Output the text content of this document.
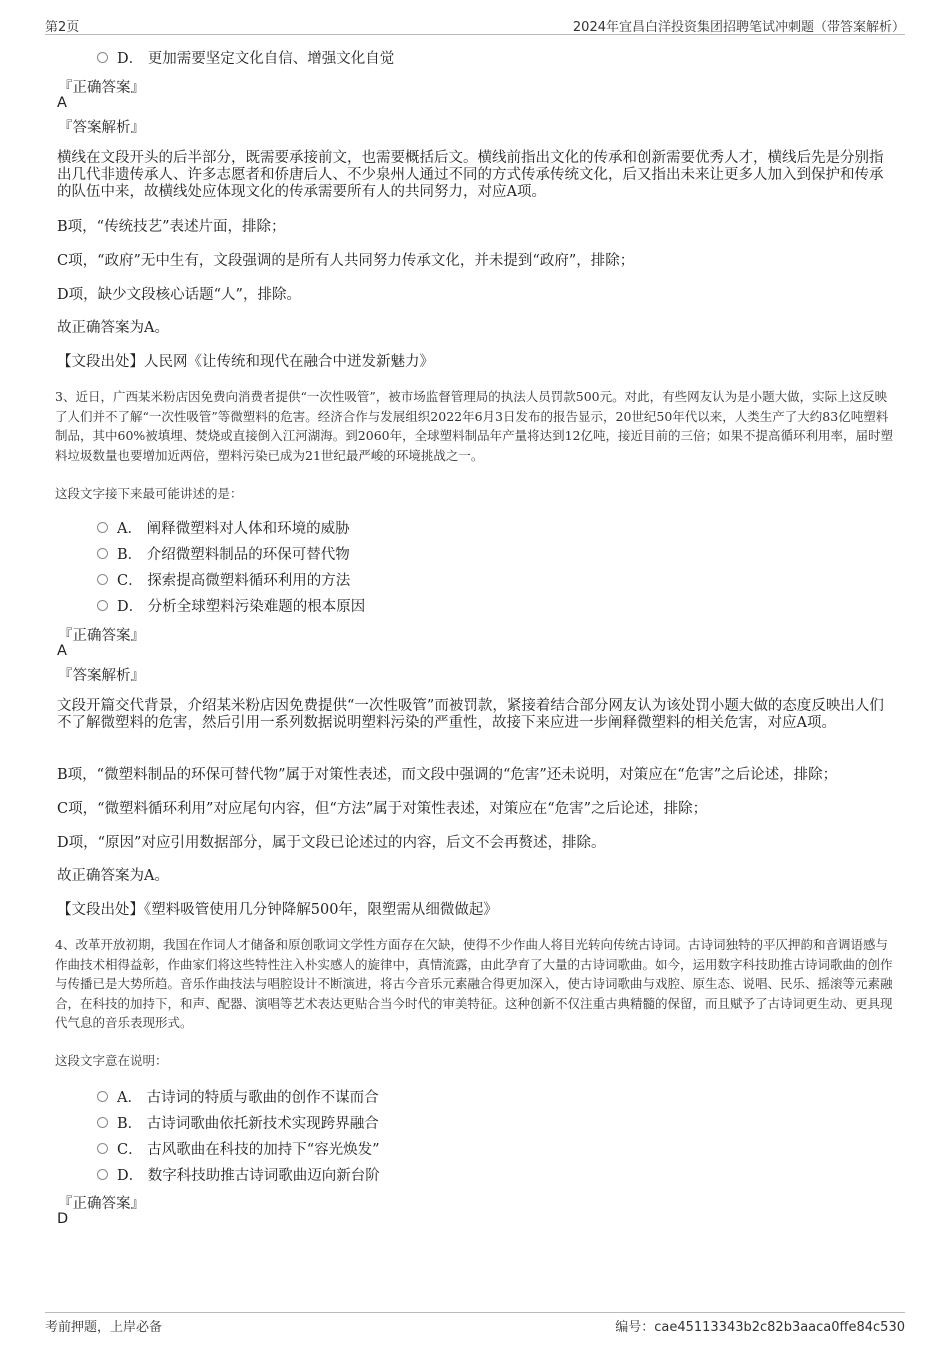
第2页	2024年宜昌白洋投资集团招聘笔试冲刺题（带答案解析）
D． 更加需要坚定文化自信、增强文化自觉
『正确答案』
A
『答案解析』
横线在文段开头的后半部分，既需要承接前文，也需要概括后文。横线前指出文化的传承和创新需要优秀人才，横线后先是分别指出几代非遗传承人、许多志愿者和侨唐后人、不少泉州人通过不同的方式传承传统文化，后又指出未来让更多人加入到保护和传承的队伍中来，故横线处应体现文化的传承需要所有人的共同努力，对应A项。
B项，“传统技艺”表述片面，排除；
C项，“政府”无中生有，文段强调的是所有人共同努力传承文化，并未提到“政府”，排除；
D项，缺少文段核心话题“人”，排除。
故正确答案为A。
【文段出处】人民网《让传统和现代在融合中迸发新魅力》
3、近日，广西某米粉店因免费向消费者提供“一次性吸管”，被市场监督管理局的执法人员罚款500元。对此，有些网友认为是小题大做，实际上这反映了人们并不了解“一次性吸管”等微塑料的危害。经济合作与发展组织2022年6月3日发布的报告显示，20世纪50年代以来，人类生产了大约83亿吨塑料制品，其中60%被填埋、焚烧或直接倒入江河湖海。到2060年，全球塑料制品年产量将达到12亿吨，接近目前的三倍；如果不提高循环利用率，届时塑料垃圾数量也要增加近两倍，塑料污染已成为21世纪最严峻的环境挑战之一。
这段文字接下来最可能讲述的是：
A． 阐释微塑料对人体和环境的威胁
B． 介绍微塑料制品的环保可替代物
C． 探索提高微塑料循环利用的方法
D． 分析全球塑料污染难题的根本原因
『正确答案』
A
『答案解析』
文段开篇交代背景，介绍某米粉店因免费提供“一次性吸管”而被罚款，紧接着结合部分网友认为该处罚小题大做的态度反映出人们不了解微塑料的危害，然后引用一系列数据说明塑料污染的严重性，故接下来应进一步阐释微塑料的相关危害，对应A项。
B项，“微塑料制品的环保可替代物”属于对策性表述，而文段中强调的“危害”还未说明，对策应在“危害”之后论述，排除；
C项，“微塑料循环利用”对应尾句内容，但“方法”属于对策性表述，对策应在“危害”之后论述，排除；
D项，“原因”对应引用数据部分，属于文段已论述过的内容，后文不会再赘述，排除。
故正确答案为A。
【文段出处】《塑料吸管使用几分钟降解500年，限塑需从细微做起》
4、改革开放初期，我国在作词人才储备和原创歌词文学性方面存在欠缺，使得不少作曲人将目光转向传统古诗词。古诗词独特的平仄押韵和音调语感与作曲技术相得益彰，作曲家们将这些特性注入朴实感人的旋律中，真情流露，由此孕育了大量的古诗词歌曲。如今，运用数字科技助推古诗词歌曲的创作与传播已是大势所趋。音乐作曲技法与唱腔设计不断演进，将古今音乐元素融合得更加深入，使古诗词歌曲与戏腔、原生态、说唱、民乐、摇滚等元素融合，在科技的加持下，和声、配器、演唱等艺术表达更贴合当今时代的审美特征。这种创新不仅注重古典精髓的保留，而且赋予了古诗词更生动、更具现代气息的音乐表现形式。
这段文字意在说明：
A． 古诗词的特质与歌曲的创作不谋而合
B． 古诗词歌曲依托新技术实现跨界融合
C． 古风歌曲在科技的加持下“容光焕发”
D． 数字科技助推古诗词歌曲迈向新台阶
『正确答案』
D
考前押题，上岸必备	编号：cae45113343b2c82b3aaca0ffe84c530
